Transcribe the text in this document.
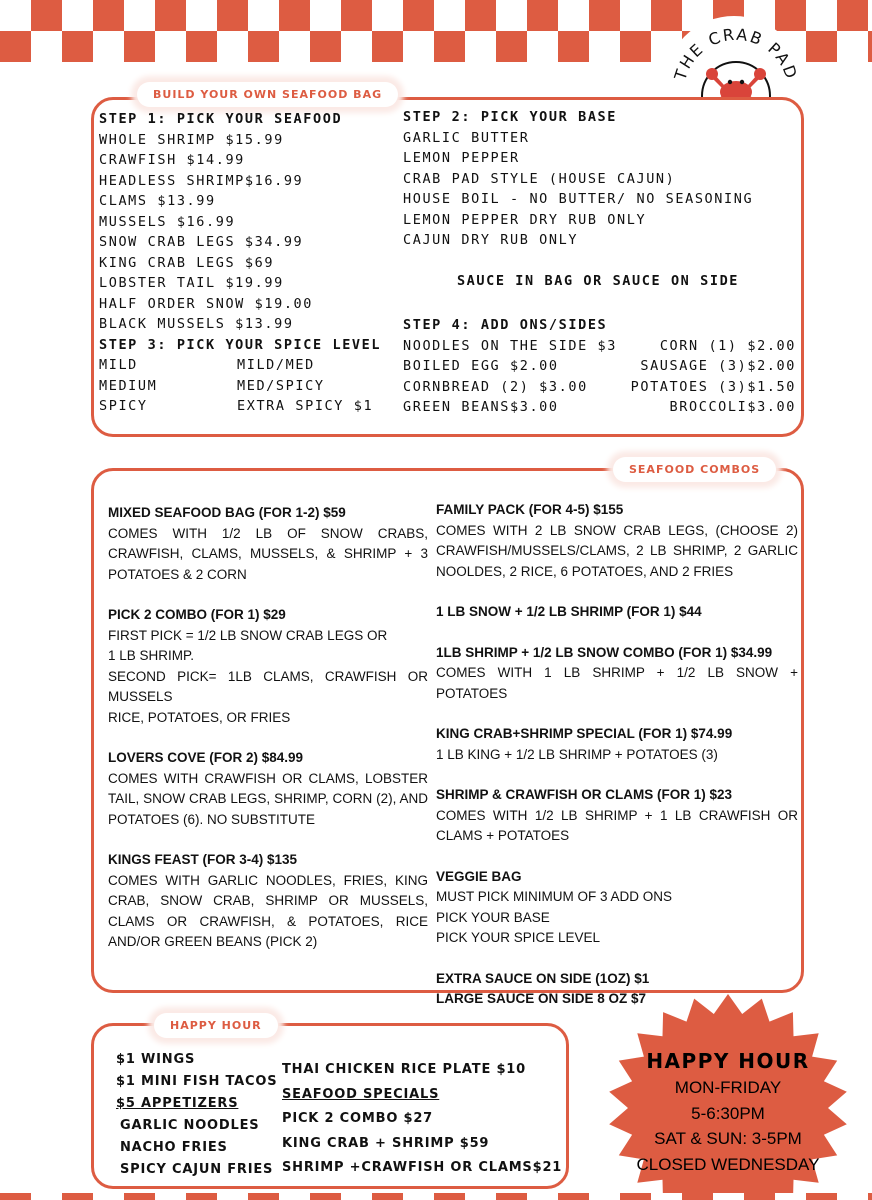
THE CRAB PAD
BUILD YOUR OWN SEAFOOD BAG
STEP 1: PICK YOUR SEAFOOD
WHOLE SHRIMP $15.99
CRAWFISH $14.99
HEADLESS SHRIMP$16.99
CLAMS $13.99
MUSSELS $16.99
SNOW CRAB LEGS $34.99
KING CRAB LEGS $69
LOBSTER TAIL $19.99
HALF ORDER SNOW $19.00
BLACK MUSSELS $13.99
STEP 3: PICK YOUR SPICE LEVEL
MILD	MILD/MED
MEDIUM	MED/SPICY
SPICY	EXTRA SPICY $1
STEP 2: PICK YOUR BASE
GARLIC BUTTER
LEMON PEPPER
CRAB PAD STYLE (HOUSE CAJUN)
HOUSE BOIL - NO BUTTER/ NO SEASONING
LEMON PEPPER DRY RUB ONLY
CAJUN DRY RUB ONLY
SAUCE IN BAG OR SAUCE ON SIDE
STEP 4: ADD ONS/SIDES
NOODLES ON THE SIDE $3	CORN (1) $2.00
BOILED EGG $2.00	SAUSAGE (3)$2.00
CORNBREAD (2) $3.00	POTATOES (3)$1.50
GREEN BEANS$3.00	BROCCOLI$3.00
SEAFOOD COMBOS
MIXED SEAFOOD BAG (FOR 1-2) $59
COMES WITH 1/2 LB OF SNOW CRABS, CRAWFISH, CLAMS, MUSSELS, & SHRIMP + 3 POTATOES & 2 CORN
PICK 2 COMBO (FOR 1) $29
FIRST PICK = 1/2 LB SNOW CRAB LEGS OR
1 LB SHRIMP.
SECOND PICK= 1LB CLAMS, CRAWFISH OR MUSSELS
RICE, POTATOES, OR FRIES
LOVERS COVE (FOR 2) $84.99
COMES WITH CRAWFISH OR CLAMS, LOBSTER TAIL, SNOW CRAB LEGS, SHRIMP, CORN (2), AND POTATOES (6). NO SUBSTITUTE
KINGS FEAST (FOR 3-4) $135
COMES WITH GARLIC NOODLES, FRIES, KING CRAB, SNOW CRAB, SHRIMP OR MUSSELS, CLAMS OR CRAWFISH, & POTATOES, RICE AND/OR GREEN BEANS (PICK 2)
FAMILY PACK (FOR 4-5) $155
COMES WITH 2 LB SNOW CRAB LEGS, (CHOOSE 2) CRAWFISH/MUSSELS/CLAMS, 2 LB SHRIMP, 2 GARLIC NOOLDES, 2 RICE, 6 POTATOES, AND 2 FRIES
1 LB SNOW + 1/2 LB SHRIMP (FOR 1) $44
1LB SHRIMP + 1/2 LB SNOW COMBO (FOR 1) $34.99
COMES WITH 1 LB SHRIMP + 1/2 LB SNOW + POTATOES
KING CRAB+SHRIMP SPECIAL (FOR 1) $74.99
1 LB KING + 1/2 LB SHRIMP + POTATOES (3)
SHRIMP & CRAWFISH OR CLAMS (FOR 1) $23
COMES WITH 1/2 LB SHRIMP + 1 LB CRAWFISH OR CLAMS + POTATOES
VEGGIE BAG
MUST PICK MINIMUM OF 3 ADD ONS
PICK YOUR BASE
PICK YOUR SPICE LEVEL
EXTRA SAUCE ON SIDE (1OZ) $1
LARGE SAUCE ON SIDE 8 OZ $7
HAPPY HOUR
$1 WINGS
$1 MINI FISH TACOS
$5 APPETIZERS
GARLIC NOODLES
NACHO FRIES
SPICY CAJUN FRIES
THAI CHICKEN RICE PLATE $10
SEAFOOD SPECIALS
PICK 2 COMBO $27
KING CRAB + SHRIMP $59
SHRIMP +CRAWFISH OR CLAMS$21
HAPPY HOUR
MON-FRIDAY
5-6:30PM
SAT & SUN: 3-5PM
CLOSED WEDNESDAY
